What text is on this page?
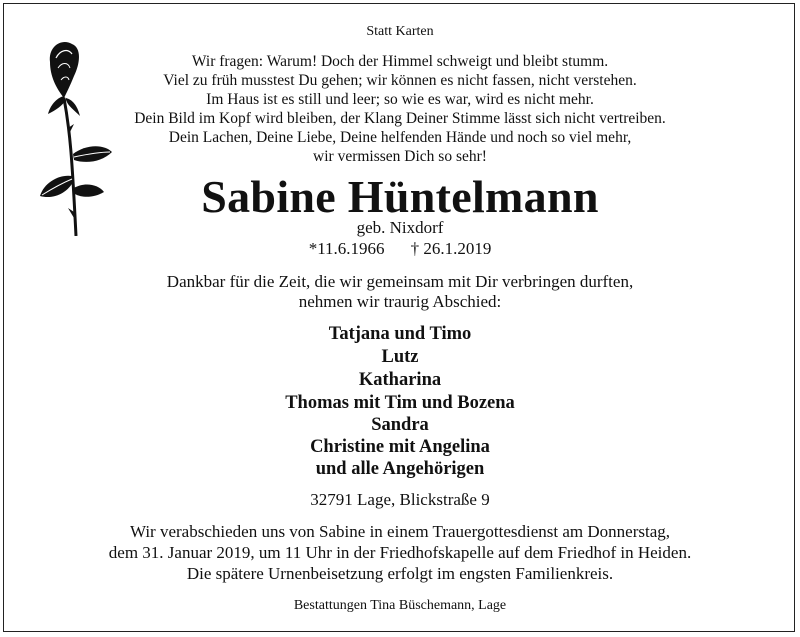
Statt Karten
Wir fragen: Warum! Doch der Himmel schweigt und bleibt stumm.
Viel zu früh musstest Du gehen; wir können es nicht fassen, nicht verstehen.
Im Haus ist es still und leer; so wie es war, wird es nicht mehr.
Dein Bild im Kopf wird bleiben, der Klang Deiner Stimme lässt sich nicht vertreiben.
Dein Lachen, Deine Liebe, Deine helfenden Hände und noch so viel mehr,
wir vermissen Dich so sehr!
Sabine Hüntelmann
geb. Nixdorf
*11.6.1966 † 26.1.2019
Dankbar für die Zeit, die wir gemeinsam mit Dir verbringen durften,
nehmen wir traurig Abschied:
Tatjana und Timo
Lutz
Katharina
Thomas mit Tim und Bozena
Sandra
Christine mit Angelina
und alle Angehörigen
32791 Lage, Blickstraße 9
Wir verabschieden uns von Sabine in einem Trauergottesdienst am Donnerstag,
dem 31. Januar 2019, um 11 Uhr in der Friedhofskapelle auf dem Friedhof in Heiden.
Die spätere Urnenbeisetzung erfolgt im engsten Familienkreis.
Bestattungen Tina Büschemann, Lage
